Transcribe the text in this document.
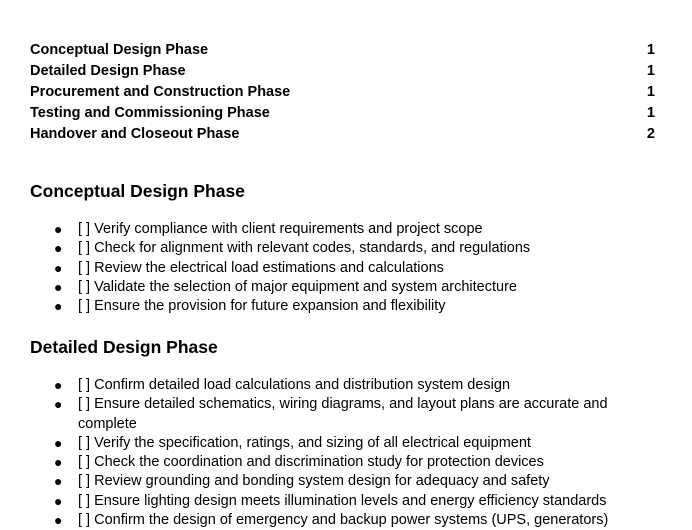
Conceptual Design Phase	1
Detailed Design Phase	1
Procurement and Construction Phase	1
Testing and Commissioning Phase	1
Handover and Closeout Phase	2
Conceptual Design Phase
● [ ] Verify compliance with client requirements and project scope
● [ ] Check for alignment with relevant codes, standards, and regulations
● [ ] Review the electrical load estimations and calculations
● [ ] Validate the selection of major equipment and system architecture
● [ ] Ensure the provision for future expansion and flexibility
Detailed Design Phase
● [ ] Confirm detailed load calculations and distribution system design
● [ ] Ensure detailed schematics, wiring diagrams, and layout plans are accurate and complete
● [ ] Verify the specification, ratings, and sizing of all electrical equipment
● [ ] Check the coordination and discrimination study for protection devices
● [ ] Review grounding and bonding system design for adequacy and safety
● [ ] Ensure lighting design meets illumination levels and energy efficiency standards
● [ ] Confirm the design of emergency and backup power systems (UPS, generators)
